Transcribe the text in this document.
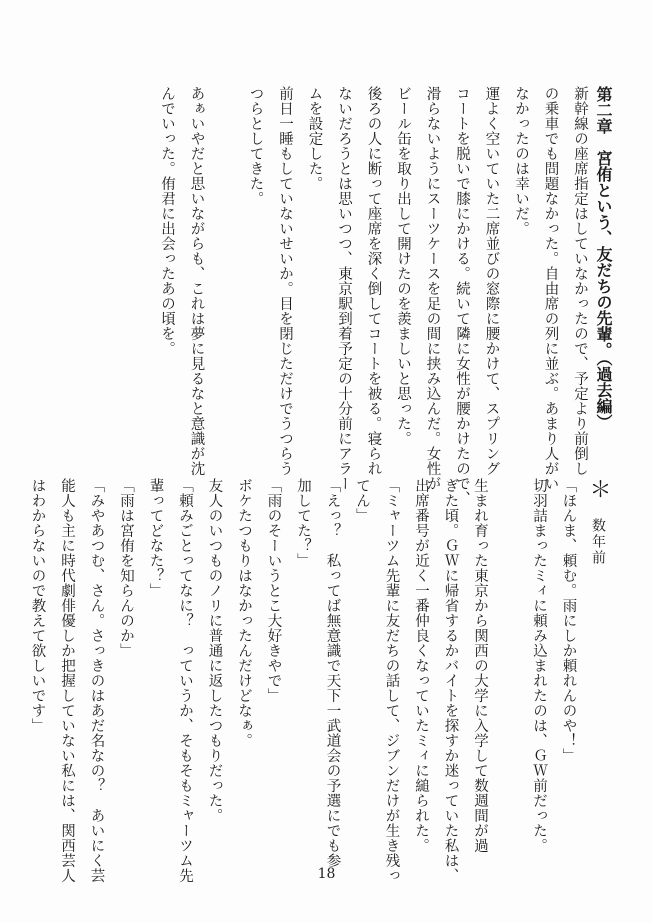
第二章　宮侑という、友だちの先輩。（過去編）
新幹線の座席指定はしていなかったので、予定より前倒し
の乗車でも問題なかった。自由席の列に並ぶ。あまり人がい
なかったのは幸いだ。
運よく空いていた二席並びの窓際に腰かけて、スプリング
コートを脱いで膝にかける。続いて隣に女性が腰かけたので、
滑らないようにスーツケースを足の間に挟み込んだ。女性が
ビール缶を取り出して開けたのを羨ましいと思った。
後ろの人に断って座席を深く倒してコートを被る。寝られ
ないだろうとは思いつつ、東京駅到着予定の十分前にアラー
ムを設定した。
前日一睡もしていないせいか。目を閉じただけでうつらう
つらとしてきた。

あぁいやだと思いながらも、これは夢に見るなと意識が沈
んでいった。侑君に出会ったあの頃を。
＊　数年前
「ほんま、頼む。雨にしか頼れんのや！」
切羽詰まったミィに頼み込まれたのは、ＧＷ前だった。

生まれ育った東京から関西の大学に入学して数週間が過
ぎた頃。ＧＷに帰省するかバイトを探すか迷っていた私は、
出席番号が近く一番仲良くなっていたミィに縋られた。
「ミャーツム先輩に友だちの話して、ジブンだけが生き残っ
てん」
「えっ？　私ってば無意識で天下一武道会の予選にでも参
加してた？」
「雨のそーいうとこ大好きやで」
ボケたつもりはなかったんだけどなぁ。
友人のいつものノリに普通に返したつもりだった。
「頼みごとってなに？　っていうか、そもそもミャーツム先
輩ってどなた？」
「雨は宮侑を知らんのか」
「みやあつむ、さん。さっきのはあだ名なの？　あいにく芸
能人も主に時代劇俳優しか把握していない私には、関西芸人
はわからないので教えて欲しいです」
18
